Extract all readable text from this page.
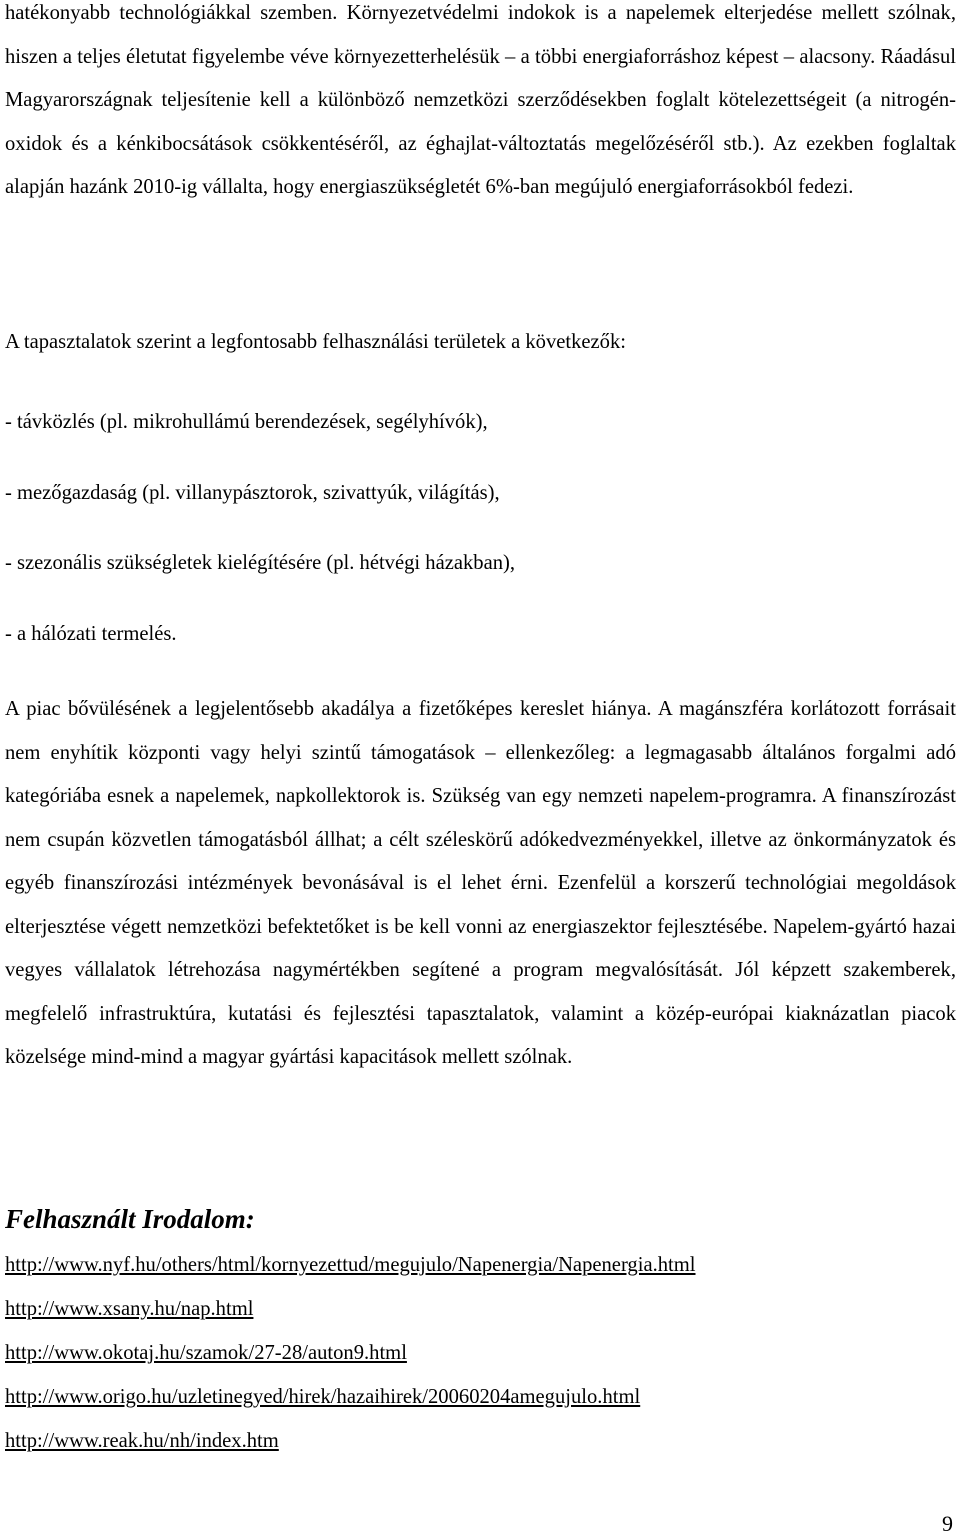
hatékonyabb technológiákkal szemben. Környezetvédelmi indokok is a napelemek elterjedése mellett szólnak, hiszen a teljes életutat figyelembe véve környezetterhelésük – a többi energiaforráshoz képest – alacsony. Ráadásul Magyarországnak teljesítenie kell a különböző nemzetközi szerződésekben foglalt kötelezettségeit (a nitrogén-oxidok és a kénkibocsátások csökkentéséről, az éghajlat-változtatás megelőzéséről stb.). Az ezekben foglaltak alapján hazánk 2010-ig vállalta, hogy energiaszükségletét 6%-ban megújuló energiaforrásokból fedezi.

A tapasztalatok szerint a legfontosabb felhasználási területek a következők:

- távközlés (pl. mikrohullámú berendezések, segélyhívók),

- mezőgazdaság (pl. villanypásztorok, szivattyúk, világítás),

- szezonális szükségletek kielégítésére (pl. hétvégi házakban),

- a hálózati termelés.

A piac bővülésének a legjelentősebb akadálya a fizetőképes kereslet hiánya. A magánszféra korlátozott forrásait nem enyhítik központi vagy helyi szintű támogatások – ellenkezőleg: a legmagasabb általános forgalmi adó kategóriába esnek a napelemek, napkollektorok is. Szükség van egy nemzeti napelem-programra. A finanszírozást nem csupán közvetlen támogatásból állhat; a célt széleskörű adókedvezményekkel, illetve az önkormányzatok és egyéb finanszírozási intézmények bevonásával is el lehet érni. Ezenfelül a korszerű technológiai megoldások elterjesztése végett nemzetközi befektetőket is be kell vonni az energiaszektor fejlesztésébe. Napelem-gyártó hazai vegyes vállalatok létrehozása nagymértékben segítené a program megvalósítását. Jól képzett szakemberek, megfelelő infrastruktúra, kutatási és fejlesztési tapasztalatok, valamint a közép-európai kiaknázatlan piacok közelsége mind-mind a magyar gyártási kapacitások mellett szólnak.

Felhasznált Irodalom:
http://www.nyf.hu/others/html/kornyezettud/megujulo/Napenergia/Napenergia.html
http://www.xsany.hu/nap.html
http://www.okotaj.hu/szamok/27-28/auton9.html
http://www.origo.hu/uzletinegyed/hirek/hazaihirek/20060204amegujulo.html
http://www.reak.hu/nh/index.htm

9
